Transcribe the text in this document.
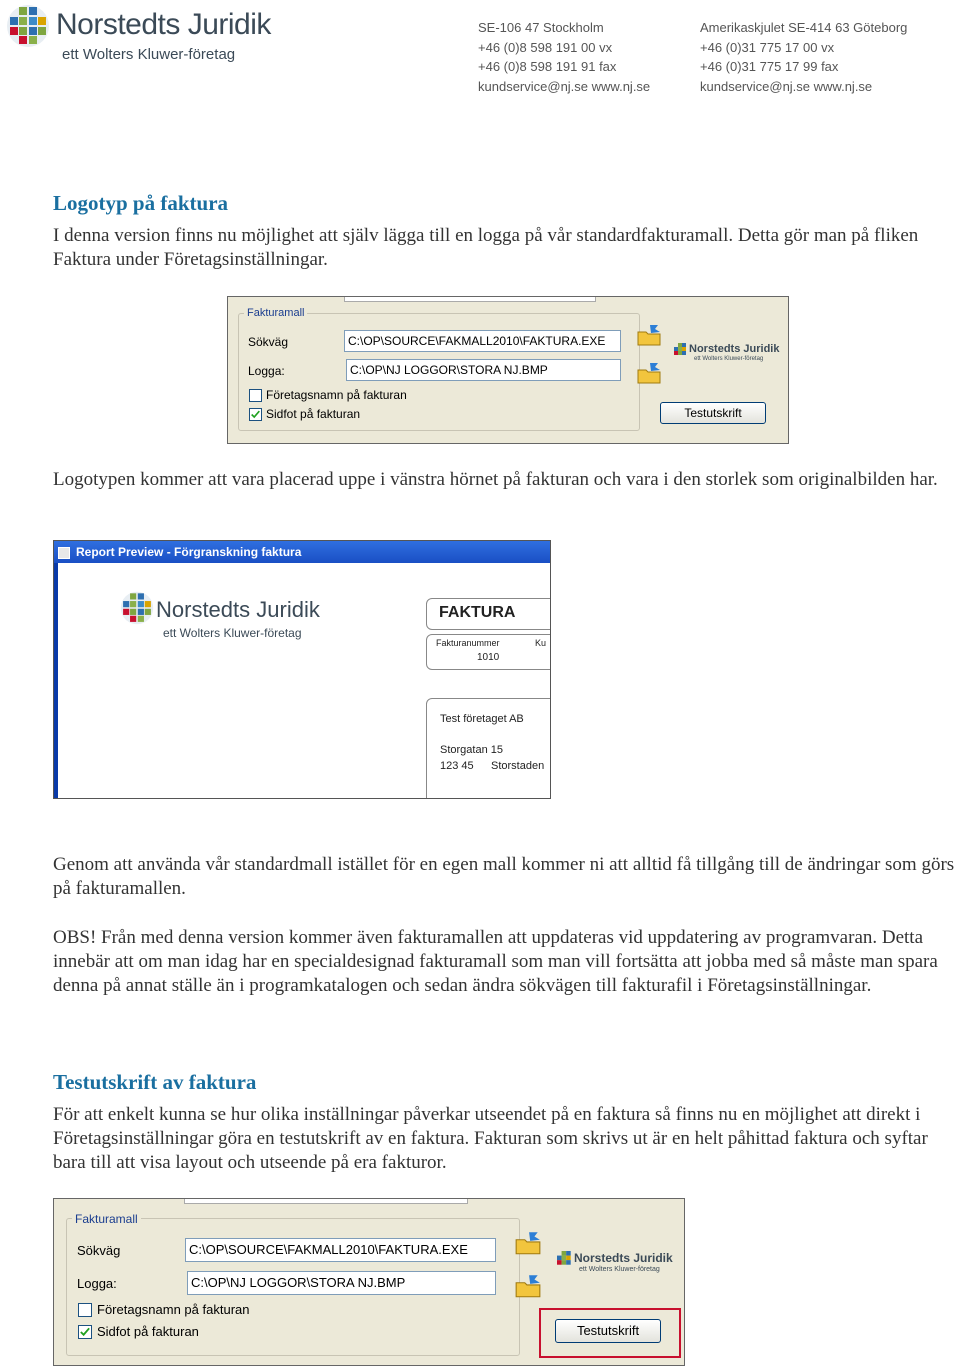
Norstedts Juridik
ett Wolters Kluwer-företag
SE-106 47 Stockholm
+46 (0)8 598 191 00 vx
+46 (0)8 598 191 91 fax
kundservice@nj.se www.nj.se
Amerikaskjulet SE-414 63 Göteborg
+46 (0)31 775 17 00 vx
+46 (0)31 775 17 99 fax
kundservice@nj.se www.nj.se
Logotyp på faktura
I denna version finns nu möjlighet att själv lägga till en logga på vår standardfakturamall. Detta gör man på fliken Faktura under Företagsinställningar.
Fakturamall
Sökväg	C:\OP\SOURCE\FAKMALL2010\FAKTURA.EXE
Logga:	C:\OP\NJ LOGGOR\STORA NJ.BMP
Företagsnamn på fakturan
Sidfot på fakturan
Norstedts Juridik
ett Wolters Kluwer-företag
Testutskrift
Logotypen kommer att vara placerad uppe i vänstra hörnet på fakturan och vara i den storlek som originalbilden har.
Report Preview - Förgranskning faktura
Norstedts Juridik
ett Wolters Kluwer-företag
FAKTURA
Fakturanummer	Ku
1010
Test företaget AB
Storgatan 15
123 45 Storstaden
Genom att använda vår standardmall istället för en egen mall kommer ni att alltid få tillgång till de ändringar som görs på fakturamallen.
OBS! Från med denna version kommer även fakturamallen att uppdateras vid uppdatering av programvaran. Detta innebär att om man idag har en specialdesignad fakturamall som man vill fortsätta att jobba med så måste man spara denna på annat ställe än i programkatalogen och sedan ändra sökvägen till fakturafil i Företagsinställningar.
Testutskrift av faktura
För att enkelt kunna se hur olika inställningar påverkar utseendet på en faktura så finns nu en möjlighet att direkt i Företagsinställningar göra en testutskrift av en faktura. Fakturan som skrivs ut är en helt påhittad faktura och syftar bara till att visa layout och utseende på era fakturor.
Fakturamall
Sökväg	C:\OP\SOURCE\FAKMALL2010\FAKTURA.EXE
Logga:	C:\OP\NJ LOGGOR\STORA NJ.BMP
Företagsnamn på fakturan
Sidfot på fakturan
Norstedts Juridik
ett Wolters Kluwer-företag
Testutskrift
